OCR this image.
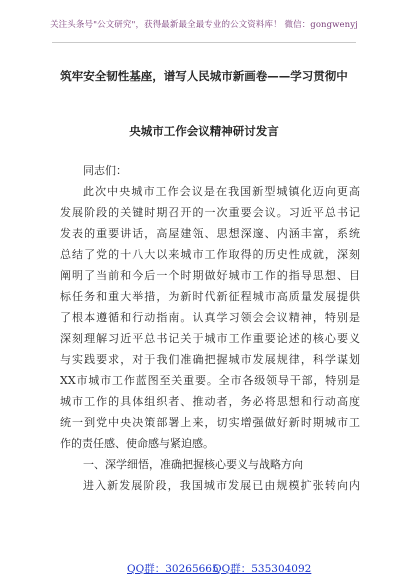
关注头条号"公文研究"，获得最新最全最专业的公文资料库！ 微信：gongwenyj
筑牢安全韧性基座，谱写人民城市新画卷——学习贯彻中
央城市工作会议精神研讨发言
同志们：
此次中央城市工作会议是在我国新型城镇化迈向更高
发展阶段的关键时期召开的一次重要会议。习近平总书记
发表的重要讲话，高屋建瓴、思想深邃、内涵丰富，系统
总结了党的十八大以来城市工作取得的历史性成就，深刻
阐明了当前和今后一个时期做好城市工作的指导思想、目
标任务和重大举措，为新时代新征程城市高质量发展提供
了根本遵循和行动指南。认真学习领会会议精神，特别是
深刻理解习近平总书记关于城市工作重要论述的核心要义
与实践要求，对于我们准确把握城市发展规律，科学谋划
XX市城市工作蓝图至关重要。全市各级领导干部，特别是
城市工作的具体组织者、推动者，务必将思想和行动高度
统一到党中央决策部署上来，切实增强做好新时期城市工
作的责任感、使命感与紧迫感。
一、深学细悟，准确把握核心要义与战略方向
进入新发展阶段，我国城市发展已由规模扩张转向内
QQ群：30265665
QQ群：535304092
